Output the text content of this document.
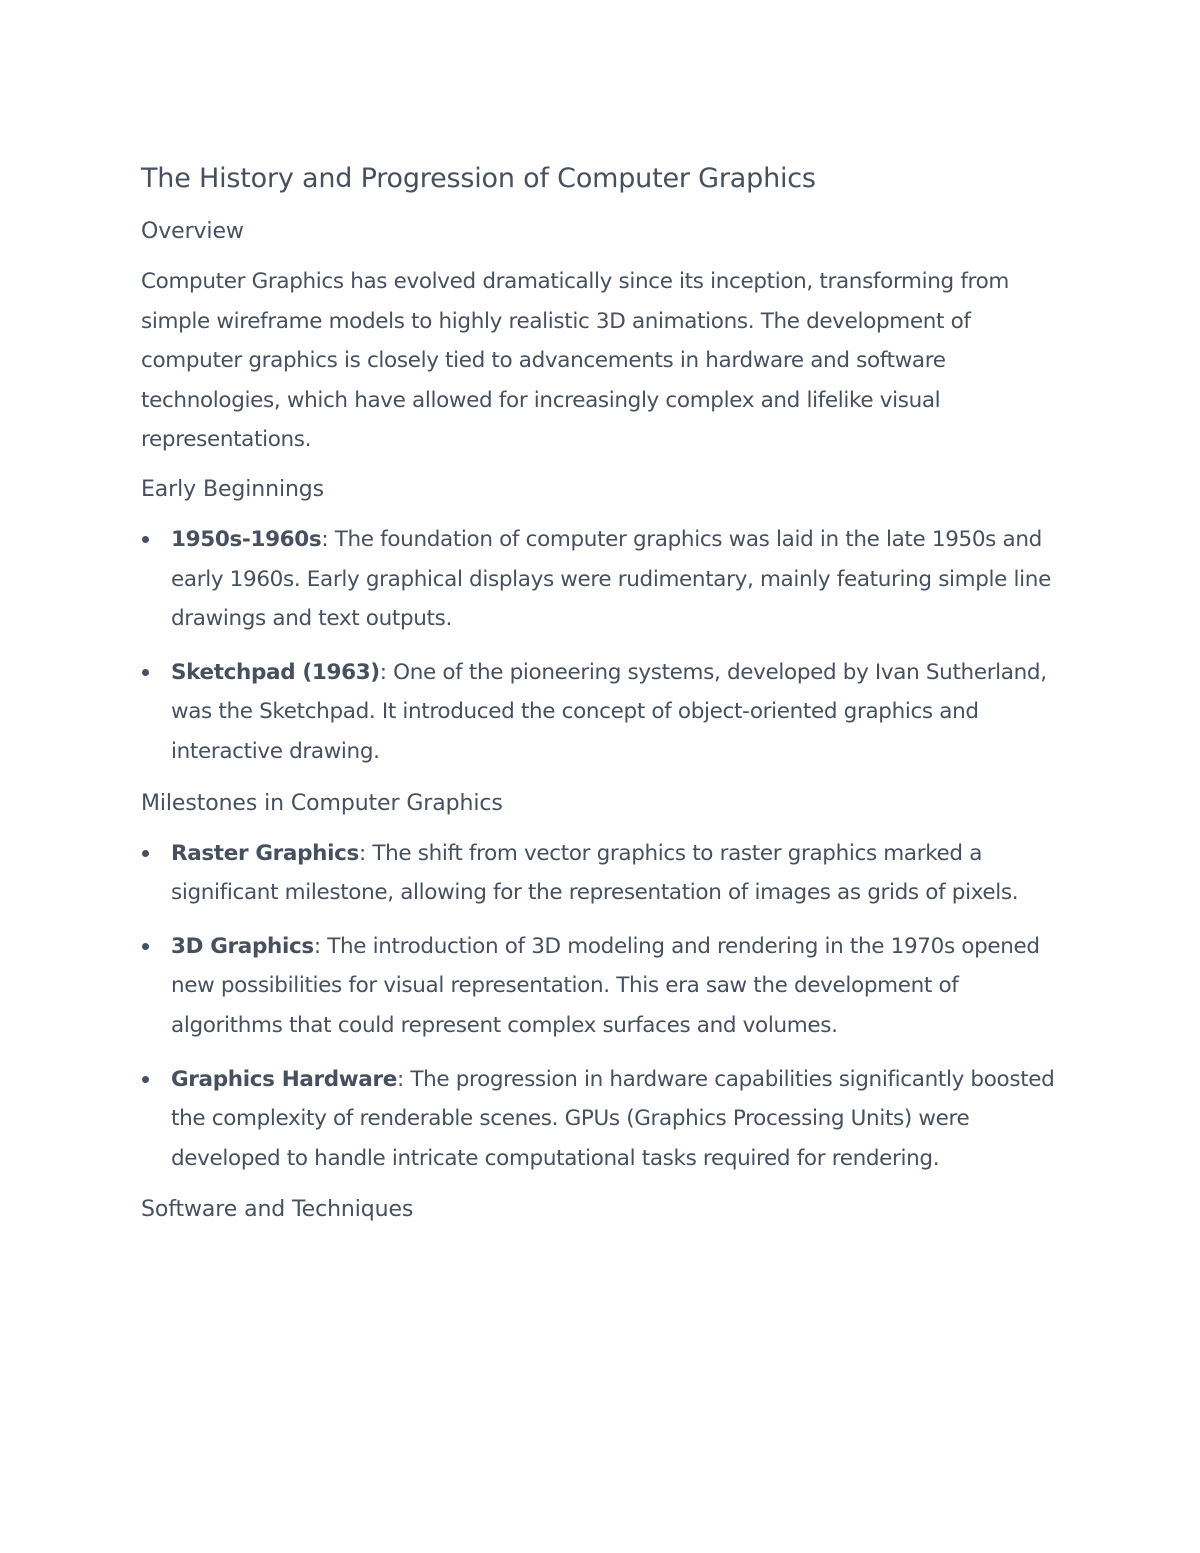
The History and Progression of Computer Graphics
Overview

Computer Graphics has evolved dramatically since its inception, transforming from simple wireframe models to highly realistic 3D animations. The development of computer graphics is closely tied to advancements in hardware and software technologies, which have allowed for increasingly complex and lifelike visual representations.

Early Beginnings
1950s-1960s: The foundation of computer graphics was laid in the late 1950s and early 1960s. Early graphical displays were rudimentary, mainly featuring simple line drawings and text outputs.
Sketchpad (1963): One of the pioneering systems, developed by Ivan Sutherland, was the Sketchpad. It introduced the concept of object-oriented graphics and interactive drawing.
Milestones in Computer Graphics
Raster Graphics: The shift from vector graphics to raster graphics marked a significant milestone, allowing for the representation of images as grids of pixels.
3D Graphics: The introduction of 3D modeling and rendering in the 1970s opened new possibilities for visual representation. This era saw the development of algorithms that could represent complex surfaces and volumes.
Graphics Hardware: The progression in hardware capabilities significantly boosted the complexity of renderable scenes. GPUs (Graphics Processing Units) were developed to handle intricate computational tasks required for rendering.
Software and Techniques
